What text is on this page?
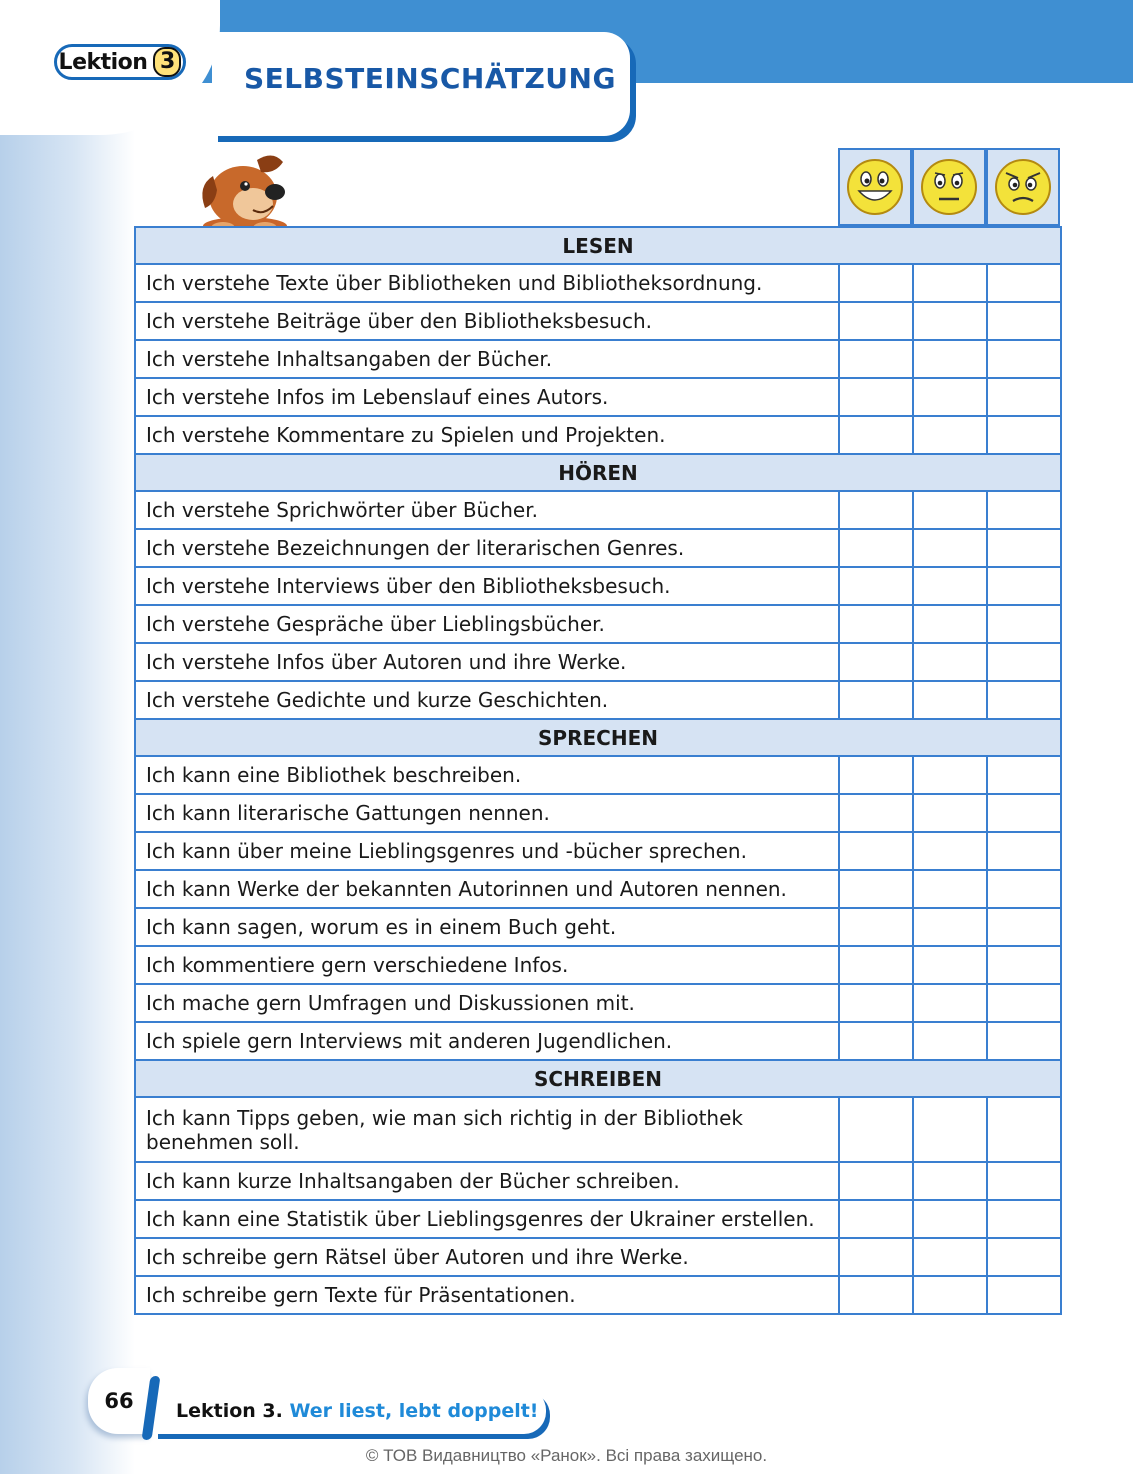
Lektion 3
SELBSTEINSCHÄTZUNG
LESEN			
Ich verstehe Texte über Bibliotheken und Bibliotheksordnung.			
Ich verstehe Beiträge über den Bibliotheksbesuch.			
Ich verstehe Inhaltsangaben der Bücher.			
Ich verstehe Infos im Lebenslauf eines Autors.			
Ich verstehe Kommentare zu Spielen und Projekten.			
HÖREN			
Ich verstehe Sprichwörter über Bücher.			
Ich verstehe Bezeichnungen der literarischen Genres.			
Ich verstehe Interviews über den Bibliotheksbesuch.			
Ich verstehe Gespräche über Lieblingsbücher.			
Ich verstehe Infos über Autoren und ihre Werke.			
Ich verstehe Gedichte und kurze Geschichten.			
SPRECHEN			
Ich kann eine Bibliothek beschreiben.			
Ich kann literarische Gattungen nennen.			
Ich kann über meine Lieblingsgenres und -bücher sprechen.			
Ich kann Werke der bekannten Autorinnen und Autoren nennen.			
Ich kann sagen, worum es in einem Buch geht.			
Ich kommentiere gern verschiedene Infos.			
Ich mache gern Umfragen und Diskussionen mit.			
Ich spiele gern Interviews mit anderen Jugendlichen.			
SCHREIBEN			
Ich kann Tipps geben, wie man sich richtig in der Bibliothek benehmen soll.			
Ich kann kurze Inhaltsangaben der Bücher schreiben.			
Ich kann eine Statistik über Lieblingsgenres der Ukrainer erstellen.			
Ich schreibe gern Rätsel über Autoren und ihre Werke.			
Ich schreibe gern Texte für Präsentationen.			
66	Lektion 3. Wer liest, lebt doppelt!
© ТОВ Видавництво «Ранок». Всі права захищено.
